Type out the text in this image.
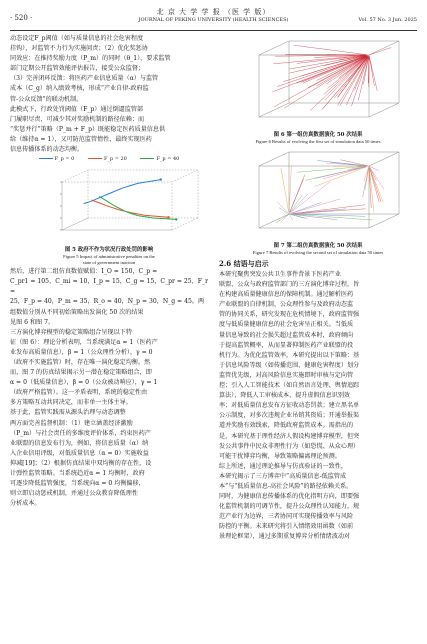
· 520 ·
北 京 大 学 学 报 （医 学 版）
JOURNAL OF PEKING UNIVERSITY (HEALTH SCIENCES)	Vol. 57 No. 3 Jun. 2025

动态设定F_p阈值（如与质量信息的社会危害程度

挂钩），对监管不力行为实施问责；（2）优化奖惩协

同效应：在推持奖励力度（P_m）的同时（θ_1），要求监管

部门定期公开监管效能评估报告，接受公众监督；

（3）完善闭环反馈：将医药产业信息质量（α）与监管

成本（C_g）纳入绩效考核，形成“产业自律-政府监

管-公众反馈”的联动机制。

此模式下，行政处罚阈值（F_p）通过倒逼监管部

门履职尽责，可减少其对奖励机制的路径依赖；而

“奖惩并行”策略（P_m + F_p）既能稳定医药质量信息供

给（维持α = 1），又可防范监管惰性，最终实现医药

信息传播体系的动态均衡。

F_p = 0	F_p = 20	F_p = 40

图 5 政府不作为状况行政处罚的影响

Figure 5 Impact of administrative penalties on the

state of government inaction

然后，进行第二组仿真数值赋值：I_O = 150，C_p =

C_pr1 = 105，C_mi = 10，I_p = 15，C_g = 15，C_pr = 25，F_r =

25，F_p = 40，P_m = 35，R_o = 40，N_p = 30，N_g = 45。两

组数值分别从不同初始策略出发演化 50 次的结果

见图 6 和图 7。

三方演化博弈模型的稳定策略组合呈现以下特

征（图 6）：理论分析表明，当系统满足α = 1（医药产

业发布高质量信息），β = 1（公众理性分析），γ = 0

（政府不实施监管）时，存在唯一演化稳定均衡。然

而，图 7 的仿真结果揭示另一潜在稳定策略组合，即

α = 0（低质量信息），β = 0（公众被动响应），γ = 1

（政府严格监管）。这一矛盾表明，系统的稳定性由

多方策略互动共同决定，而非单一主体主导。

基于此，监管实践需从源头治理与动态调整

两方面完善监督机制：（1）建立涵盖经济激励

（P_m）与社会责任的多维度评价体系，约束医药产

业联盟的信息发布行为，例如，将信息质量（α）纳

入企业信用评级，对低质量信息（α = 0）实施收益

抑减[19]；（2）根据仿真结果中双均衡的存在性，设

计弹性监管策略。当系统趋近α = 1 均衡时，政府

可逐步降低监管强度，当系统向α = 0 均衡偏移，

则立即启动惩戒机制，并通过公众教育降低理性

分析成本。

图 6 第一组仿真数据演化 50 次结果

Figure 6 Results of evolving the first set of simulation data 50 times

图 7 第二组仿真数据演化 50 次结果

Figure 7 Results of evolving the second set of simulation data 50 times

2.6 结语与启示

本研究聚焦突发公共卫生事件背景下医药产业

联盟、公众与政府监管部门的三方演化博弈过程，旨

在构建高质量健康信息的保障机制。通过解析医药

产业联盟的自律机制、公众理性参与及政府动态监

管的协同关系，研究发现在危机情境下，政府监管强

度与低质量健康信息的社会危害呈正相关。当低质

量信息导致的社会损失超过监管成本时，政府倾向

于提高监管概率，从而显著抑制医药产业联盟的投

机行为。为优化监管效率，本研究提出以下策略：基

于信息风险等级（如传播范围、健康危害程度）划分

监管优先级，对高风险信息实施即时审核与定向管

控；引入人工智能技术（如自然语言处理、舆情追踪

算法），降低人工审核成本，提升虚假信息识别效

率；对低质量信息发布方征收动态罚款；建立黑名单

公示制度，对多次违规企业吊销其资质；开通举报渠

道并奖励有效线索，降低政府监管成本。需指出的

是，本研究基于理性经济人假设构建博弈模型，但突

发公共事件中民众非理性行为（如恐慌、从众心理）

可能干扰博弈均衡，导致策略偏离理论预测。

综上所述，通过理论推导与仿真验证的一致性，

本研究揭示了三方博弈中“高质量信息-低监管成

本”与“低质量信息-高社会风险”的路径依赖关系。

同时，为健康信息传播体系的优化指明方向，即要强

化监管机制的可调节性，提升公众理性认知能力，规

范产业行为边界，三者协同可实现传播效率与风险

防控的平衡。未来研究将引入情绪效用函数（如前

景理论框架），通过多期重复博弈分析情绪波动对
